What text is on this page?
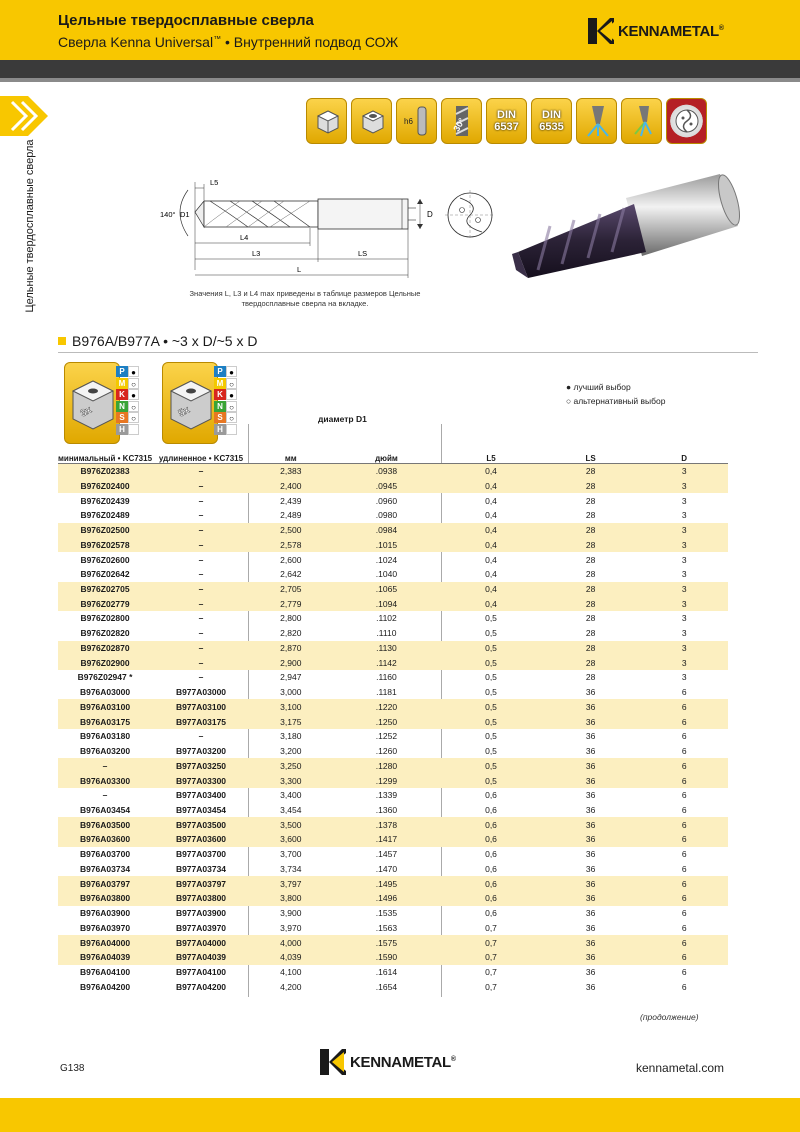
Цельные твердосплавные сверла
Сверла Kenna Universal™ • Внутренний подвод СОЖ
KENNAMETAL®
Цельные твердосплавные сверла
h6	30°
DIN
6537
DIN
6535
D
140° D1
L5
L4
L3	LS
L
Значения L, L3 и L4 max приведены в таблице размеров Цельные твердосплавные сверла на вкладке.
B976A/B977A • ~3 x D/~5 x D
3x
P ●
M ○
K ●
N ○
S ○
H
5x
P ●
M ○
K ●
N ○
S ○
H
● лучший выбор
○ альтернативный выбор
диаметр D1
минимальный • KC7315	удлиненное • KC7315	мм	дюйм	L5	LS	D
B976Z02383	–	2,383	.0938	0,4	28	3
B976Z02400	–	2,400	.0945	0,4	28	3
B976Z02439	–	2,439	.0960	0,4	28	3
B976Z02489	–	2,489	.0980	0,4	28	3
B976Z02500	–	2,500	.0984	0,4	28	3
B976Z02578	–	2,578	.1015	0,4	28	3
B976Z02600	–	2,600	.1024	0,4	28	3
B976Z02642	–	2,642	.1040	0,4	28	3
B976Z02705	–	2,705	.1065	0,4	28	3
B976Z02779	–	2,779	.1094	0,4	28	3
B976Z02800	–	2,800	.1102	0,5	28	3
B976Z02820	–	2,820	.1110	0,5	28	3
B976Z02870	–	2,870	.1130	0,5	28	3
B976Z02900	–	2,900	.1142	0,5	28	3
B976Z02947 *	–	2,947	.1160	0,5	28	3
B976A03000	B977A03000	3,000	.1181	0,5	36	6
B976A03100	B977A03100	3,100	.1220	0,5	36	6
B976A03175	B977A03175	3,175	.1250	0,5	36	6
B976A03180	–	3,180	.1252	0,5	36	6
B976A03200	B977A03200	3,200	.1260	0,5	36	6
–	B977A03250	3,250	.1280	0,5	36	6
B976A03300	B977A03300	3,300	.1299	0,5	36	6
–	B977A03400	3,400	.1339	0,6	36	6
B976A03454	B977A03454	3,454	.1360	0,6	36	6
B976A03500	B977A03500	3,500	.1378	0,6	36	6
B976A03600	B977A03600	3,600	.1417	0,6	36	6
B976A03700	B977A03700	3,700	.1457	0,6	36	6
B976A03734	B977A03734	3,734	.1470	0,6	36	6
B976A03797	B977A03797	3,797	.1495	0,6	36	6
B976A03800	B977A03800	3,800	.1496	0,6	36	6
B976A03900	B977A03900	3,900	.1535	0,6	36	6
B976A03970	B977A03970	3,970	.1563	0,7	36	6
B976A04000	B977A04000	4,000	.1575	0,7	36	6
B976A04039	B977A04039	4,039	.1590	0,7	36	6
B976A04100	B977A04100	4,100	.1614	0,7	36	6
B976A04200	B977A04200	4,200	.1654	0,7	36	6
(продолжение)
G138	KENNAMETAL®
kennametal.com
